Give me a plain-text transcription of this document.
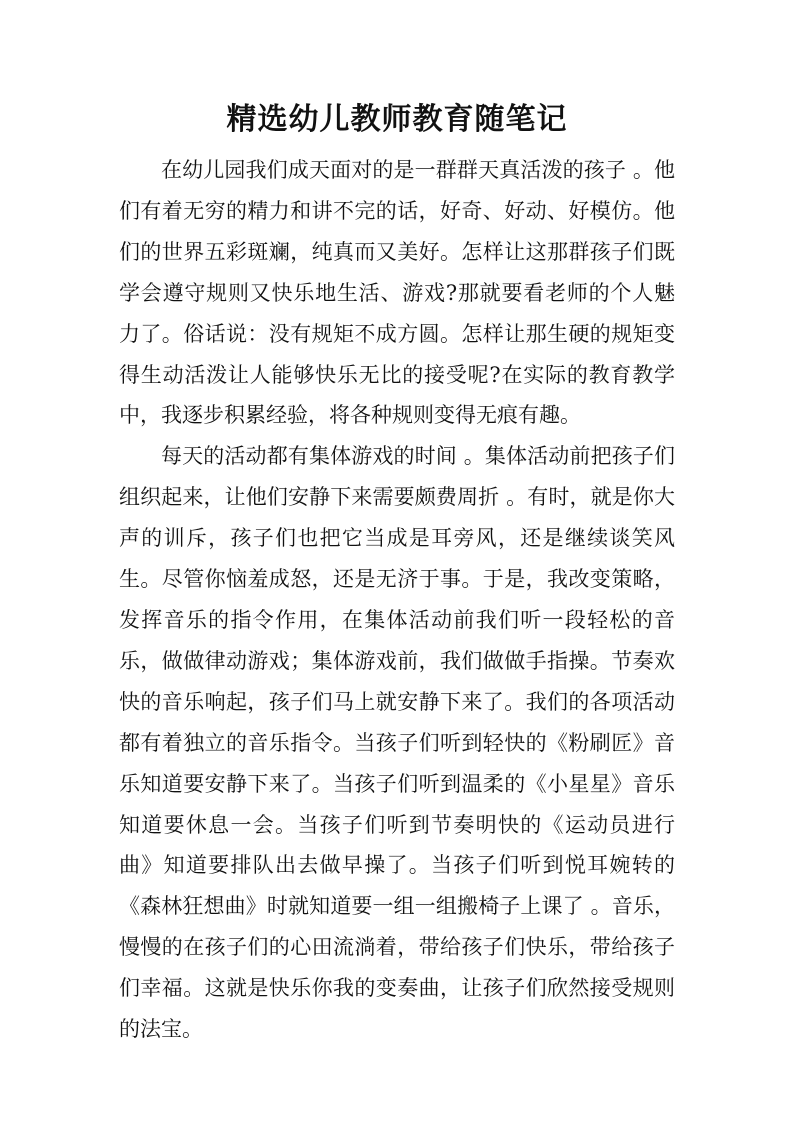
精选幼儿教师教育随笔记

在幼儿园我们成天面对的是一群群天真活泼的孩子 。他们有着无穷的精力和讲不完的话，好奇、好动、好模仿。他们的世界五彩斑斓，纯真而又美好。怎样让这那群孩子们既学会遵守规则又快乐地生活、游戏?那就要看老师的个人魅力了。俗话说：没有规矩不成方圆。怎样让那生硬的规矩变得生动活泼让人能够快乐无比的接受呢?在实际的教育教学中，我逐步积累经验，将各种规则变得无痕有趣。

每天的活动都有集体游戏的时间 。集体活动前把孩子们组织起来，让他们安静下来需要颇费周折 。有时，就是你大声的训斥，孩子们也把它当成是耳旁风，还是继续谈笑风生。尽管你恼羞成怒，还是无济于事。于是，我改变策略，发挥音乐的指令作用，在集体活动前我们听一段轻松的音乐，做做律动游戏；集体游戏前，我们做做手指操。节奏欢快的音乐响起，孩子们马上就安静下来了。我们的各项活动都有着独立的音乐指令。当孩子们听到轻快的《粉刷匠》音乐知道要安静下来了。当孩子们听到温柔的《小星星》音乐知道要休息一会。当孩子们听到节奏明快的《运动员进行曲》知道要排队出去做早操了。当孩子们听到悦耳婉转的《森林狂想曲》时就知道要一组一组搬椅子上课了 。音乐，慢慢的在孩子们的心田流淌着，带给孩子们快乐，带给孩子们幸福。这就是快乐你我的变奏曲，让孩子们欣然接受规则的法宝。
